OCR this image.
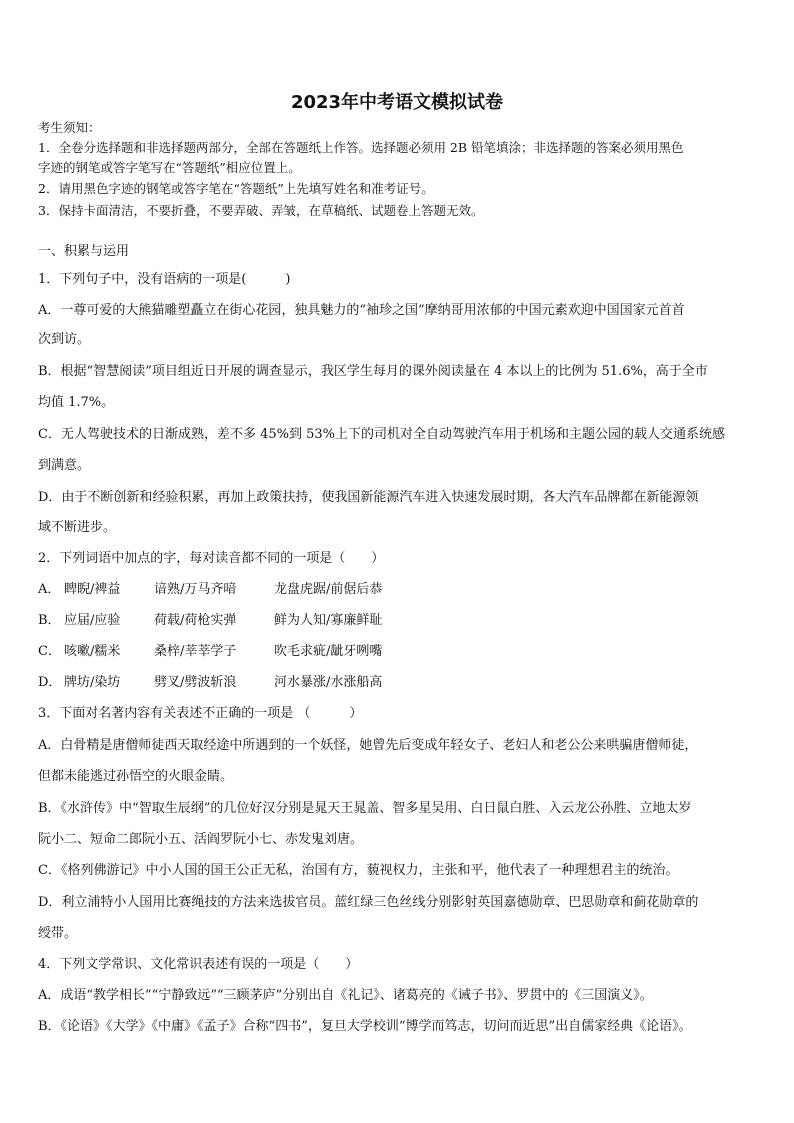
2023年中考语文模拟试卷
考生须知：
1．全卷分选择题和非选择题两部分，全部在答题纸上作答。选择题必须用 2B 铅笔填涂；非选择题的答案必须用黑色
字迹的钢笔或答字笔写在“答题纸”相应位置上。
2．请用黑色字迹的钢笔或答字笔在“答题纸”上先填写姓名和准考证号。
3．保持卡面清洁，不要折叠，不要弄破、弄皱，在草稿纸、试题卷上答题无效。
一、积累与运用
1．下列句子中，没有语病的一项是(　　　)
A．一尊可爱的大熊猫雕塑矗立在街心花园，独具魅力的“袖珍之国”摩纳哥用浓郁的中国元素欢迎中国国家元首首
次到访。
B．根据“智慧阅读”项目组近日开展的调查显示，我区学生每月的课外阅读量在 4 本以上的比例为 51.6%，高于全市
均值 1.7%。
C．无人驾驶技术的日渐成熟，差不多 45%到 53%上下的司机对全自动驾驶汽车用于机场和主题公园的载人交通系统感
到满意。
D．由于不断创新和经验积累，再加上政策扶持，使我国新能源汽车进入快速发展时期，各大汽车品牌都在新能源领
域不断进步。
2．下列词语中加点的字，每对读音都不同的一项是（　　）
A． 睥睨/裨益	谙熟/万马齐喑	龙盘虎踞/前倨后恭
B． 应届/应验	荷载/荷枪实弹	鲜为人知/寡廉鲜耻
C． 咳嗽/糯米	桑梓/莘莘学子	吹毛求疵/龇牙咧嘴
D． 牌坊/染坊	劈叉/劈波斩浪	河水暴涨/水涨船高
3．下面对名著内容有关表述不正确的一项是 （　　　）
A．白骨精是唐僧师徒西天取经途中所遇到的一个妖怪，她曾先后变成年轻女子、老妇人和老公公来哄骗唐僧师徒，
但都未能逃过孙悟空的火眼金睛。
B．《水浒传》中“智取生辰纲”的几位好汉分别是晁天王晁盖、智多星吴用、白日鼠白胜、入云龙公孙胜、立地太岁
阮小二、短命二郎阮小五、活阎罗阮小七、赤发鬼刘唐。
C．《格列佛游记》中小人国的国王公正无私，治国有方，藐视权力，主张和平，他代表了一种理想君主的统治。
D．利立浦特小人国用比赛绳技的方法来选拔官员。蓝红绿三色丝线分别影射英国嘉德勋章、巴思勋章和蓟花勋章的
绶带。
4．下列文学常识、文化常识表述有误的一项是（　　）
A．成语“教学相长”“宁静致远”“三顾茅庐”分别出自《礼记》、诸葛亮的《诫子书》、罗贯中的《三国演义》。
B．《论语》《大学》《中庸》《孟子》合称“四书”，复旦大学校训“博学而笃志，切问而近思”出自儒家经典《论语》。
